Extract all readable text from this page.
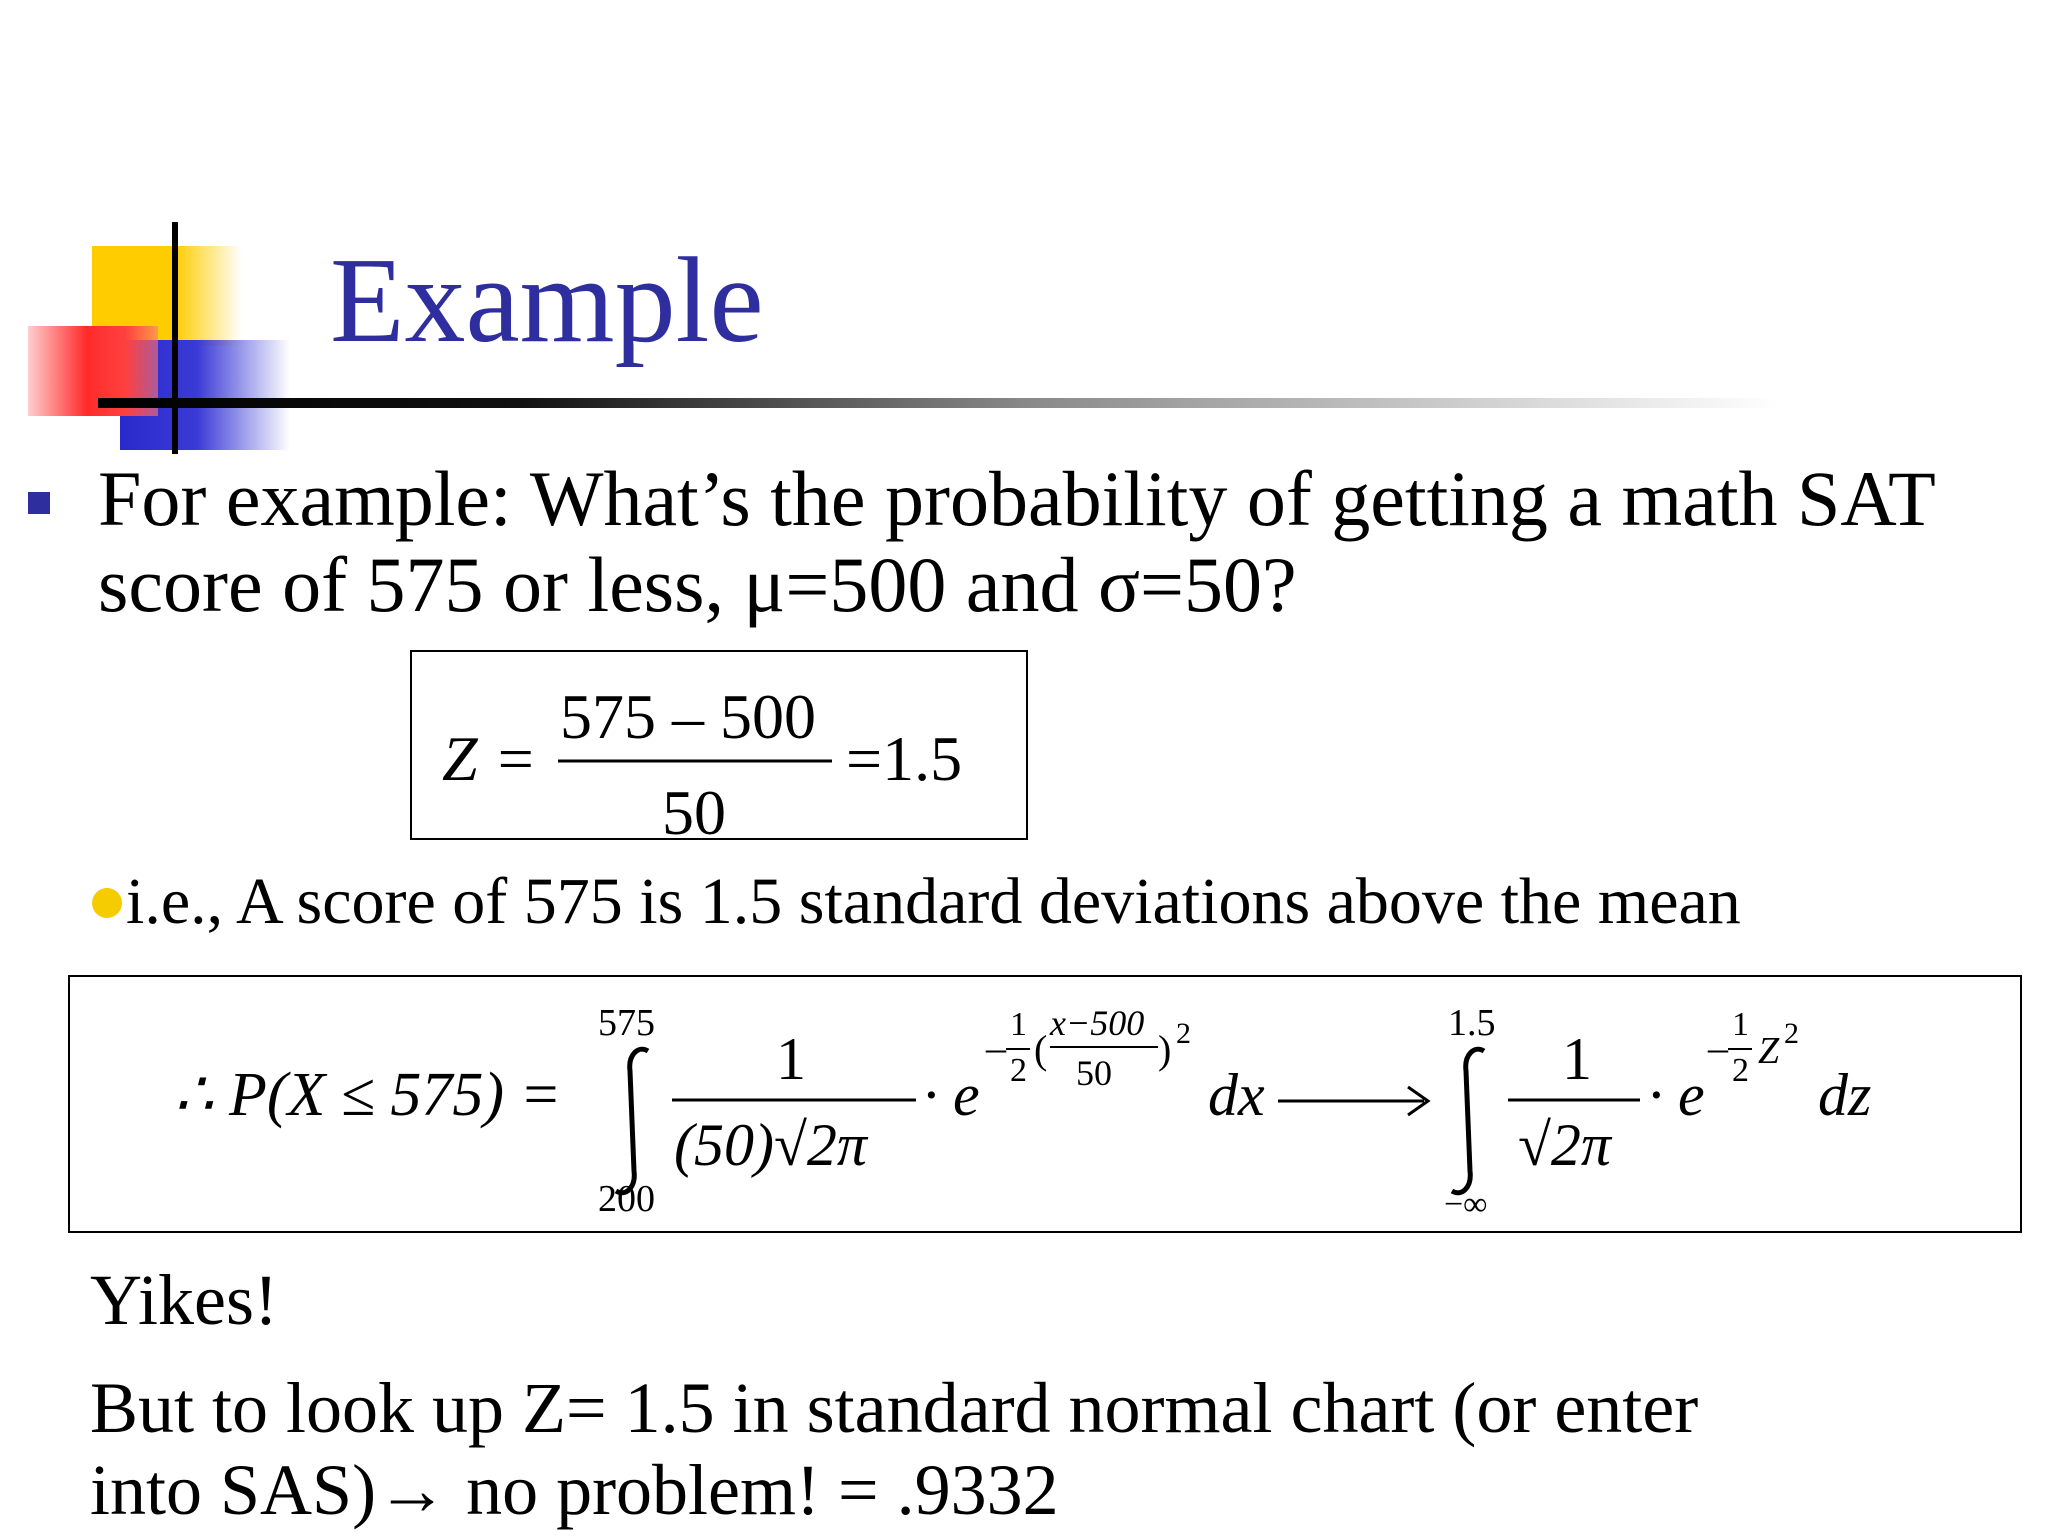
Example
For example: What’s the probability of getting a math SAT
score of 575 or less, μ=500 and σ=50?
Z =
575 – 500
50
=1.5
i.e., A score of 575 is 1.5 standard deviations above the mean
∴ P(X ≤ 575) =
575
200
1
(50)√2π
· e
–
1
2 (
x−500
50
) 2
dx
1.5
−∞
1
√2π
· e
–
1
2 Z 2
dz
Yikes!
But to look up Z= 1.5 in standard normal chart (or enter
into SAS)→ no problem! = .9332
